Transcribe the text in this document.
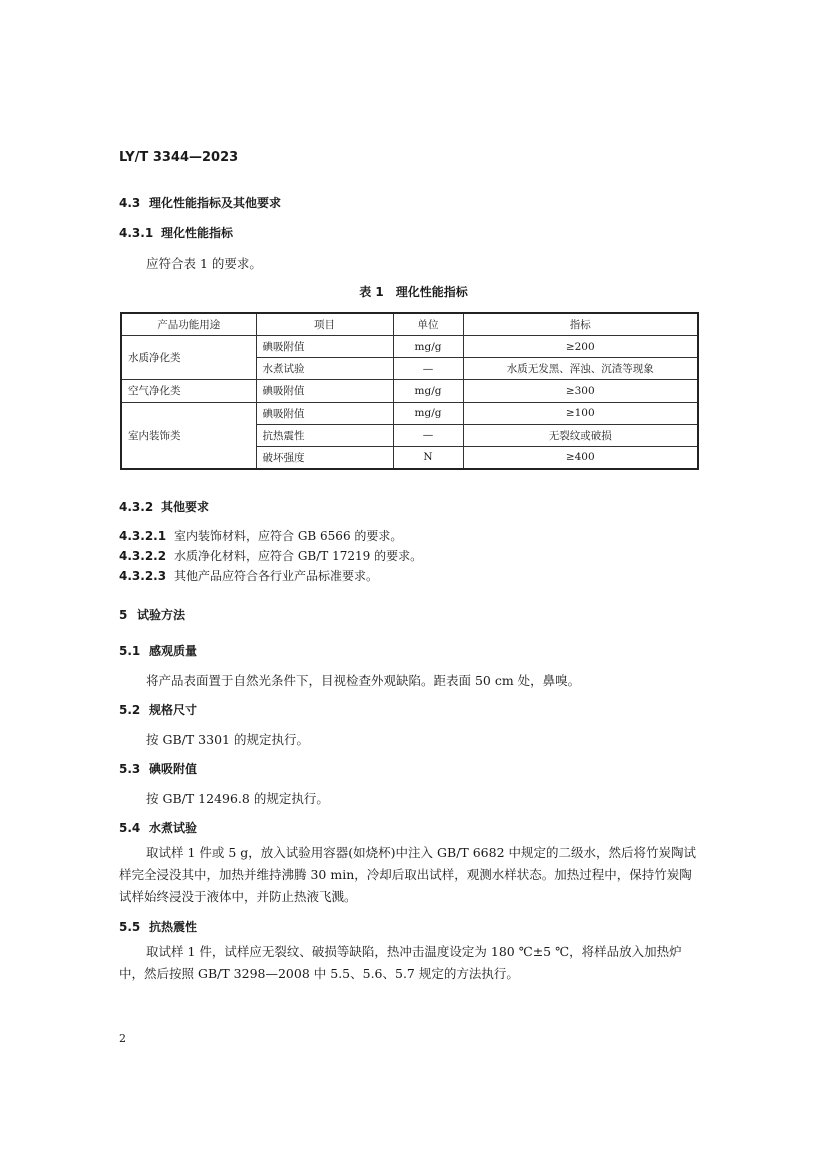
LY/T 3344—2023
4.3 理化性能指标及其他要求
4.3.1 理化性能指标
应符合表 1 的要求。
表 1　理化性能指标
产品功能用途	项目	单位	指标
水质净化类	碘吸附值	mg/g	≥200
	水煮试验	—	水质无发黑、浑浊、沉渣等现象
空气净化类	碘吸附值	mg/g	≥300
室内装饰类	碘吸附值	mg/g	≥100
	抗热震性	—	无裂纹或破损
	破坏强度	N	≥400
4.3.2 其他要求
4.3.2.1 室内装饰材料，应符合 GB 6566 的要求。
4.3.2.2 水质净化材料，应符合 GB/T 17219 的要求。
4.3.2.3 其他产品应符合各行业产品标准要求。
5 试验方法
5.1 感观质量
将产品表面置于自然光条件下，目视检查外观缺陷。距表面 50 cm 处，鼻嗅。
5.2 规格尺寸
按 GB/T 3301 的规定执行。
5.3 碘吸附值
按 GB/T 12496.8 的规定执行。
5.4 水煮试验
取试样 1 件或 5 g，放入试验用容器(如烧杯)中注入 GB/T 6682 中规定的二级水，然后将竹炭陶试
样完全浸没其中，加热并维持沸腾 30 min，冷却后取出试样，观测水样状态。加热过程中，保持竹炭陶
试样始终浸没于液体中，并防止热液飞溅。
5.5 抗热震性
取试样 1 件，试样应无裂纹、破损等缺陷，热冲击温度设定为 180 ℃±5 ℃，将样品放入加热炉
中，然后按照 GB/T 3298—2008 中 5.5、5.6、5.7 规定的方法执行。
2
